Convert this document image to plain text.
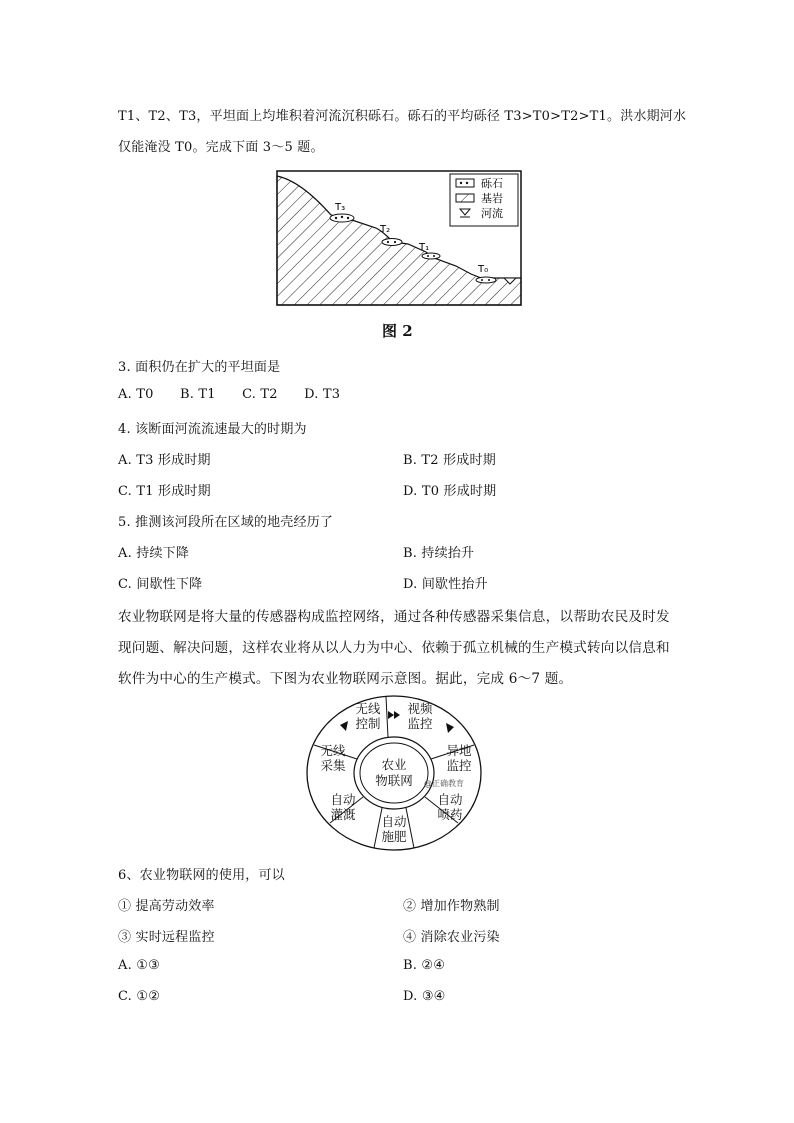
T1、T2、T3，平坦面上均堆积着河流沉积砾石。砾石的平均砾径 T3>T0>T2>T1。洪水期河水
仅能淹没 T0。完成下面 3～5 题。
T₃
T₂
T₁
T₀
砾石
基岩
河流
图 2
3. 面积仍在扩大的平坦面是
A. T0 B. T1 C. T2 D. T3
4. 该断面河流流速最大的时期为
A. T3 形成时期	B. T2 形成时期
C. T1 形成时期	D. T0 形成时期
5. 推测该河段所在区域的地壳经历了
A. 持续下降	B. 持续抬升
C. 间歇性下降	D. 间歇性抬升
农业物联网是将大量的传感器构成监控网络，通过各种传感器采集信息，以帮助农民及时发
现问题、解决问题，这样农业将从以人力为中心、依赖于孤立机械的生产模式转向以信息和
软件为中心的生产模式。下图为农业物联网示意图。据此，完成 6～7 题。
无线
控制
视频
监控
异地
监控
自动
喷药
自动
施肥
自动
灌溉
无线
采集	农业
物联网 @正确教育
6、农业物联网的使用，可以
① 提高劳动效率	② 增加作物熟制
③ 实时远程监控	④ 消除农业污染
A. ①③	B. ②④
C. ①②	D. ③④
